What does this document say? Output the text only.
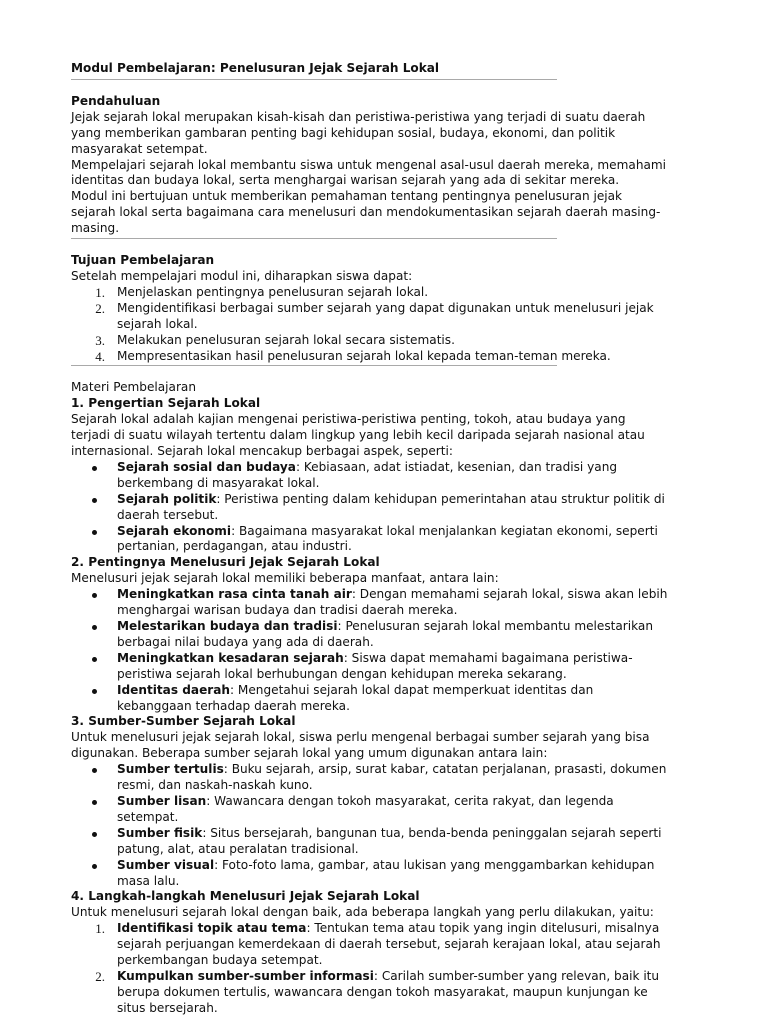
Modul Pembelajaran: Penelusuran Jejak Sejarah Lokal
Pendahuluan

Jejak sejarah lokal merupakan kisah-kisah dan peristiwa-peristiwa yang terjadi di suatu daerah yang memberikan gambaran penting bagi kehidupan sosial, budaya, ekonomi, dan politik masyarakat setempat.

Mempelajari sejarah lokal membantu siswa untuk mengenal asal-usul daerah mereka, memahami identitas dan budaya lokal, serta menghargai warisan sejarah yang ada di sekitar mereka.

Modul ini bertujuan untuk memberikan pemahaman tentang pentingnya penelusuran jejak sejarah lokal serta bagaimana cara menelusuri dan mendokumentasikan sejarah daerah masing-masing.

Tujuan Pembelajaran

Setelah mempelajari modul ini, diharapkan siswa dapat:

1. Menjelaskan pentingnya penelusuran sejarah lokal.
2. Mengidentifikasi berbagai sumber sejarah yang dapat digunakan untuk menelusuri jejak sejarah lokal.
3. Melakukan penelusuran sejarah lokal secara sistematis.
4. Mempresentasikan hasil penelusuran sejarah lokal kepada teman-teman mereka.
Materi Pembelajaran
1. Pengertian Sejarah Lokal

Sejarah lokal adalah kajian mengenai peristiwa-peristiwa penting, tokoh, atau budaya yang terjadi di suatu wilayah tertentu dalam lingkup yang lebih kecil daripada sejarah nasional atau internasional. Sejarah lokal mencakup berbagai aspek, seperti:

Sejarah sosial dan budaya: Kebiasaan, adat istiadat, kesenian, dan tradisi yang berkembang di masyarakat lokal.
Sejarah politik: Peristiwa penting dalam kehidupan pemerintahan atau struktur politik di daerah tersebut.
Sejarah ekonomi: Bagaimana masyarakat lokal menjalankan kegiatan ekonomi, seperti pertanian, perdagangan, atau industri.
2. Pentingnya Menelusuri Jejak Sejarah Lokal

Menelusuri jejak sejarah lokal memiliki beberapa manfaat, antara lain:

Meningkatkan rasa cinta tanah air: Dengan memahami sejarah lokal, siswa akan lebih menghargai warisan budaya dan tradisi daerah mereka.
Melestarikan budaya dan tradisi: Penelusuran sejarah lokal membantu melestarikan berbagai nilai budaya yang ada di daerah.
Meningkatkan kesadaran sejarah: Siswa dapat memahami bagaimana peristiwa-peristiwa sejarah lokal berhubungan dengan kehidupan mereka sekarang.
Identitas daerah: Mengetahui sejarah lokal dapat memperkuat identitas dan kebanggaan terhadap daerah mereka.
3. Sumber-Sumber Sejarah Lokal

Untuk menelusuri jejak sejarah lokal, siswa perlu mengenal berbagai sumber sejarah yang bisa digunakan. Beberapa sumber sejarah lokal yang umum digunakan antara lain:

Sumber tertulis: Buku sejarah, arsip, surat kabar, catatan perjalanan, prasasti, dokumen resmi, dan naskah-naskah kuno.
Sumber lisan: Wawancara dengan tokoh masyarakat, cerita rakyat, dan legenda setempat.
Sumber fisik: Situs bersejarah, bangunan tua, benda-benda peninggalan sejarah seperti patung, alat, atau peralatan tradisional.
Sumber visual: Foto-foto lama, gambar, atau lukisan yang menggambarkan kehidupan masa lalu.
4. Langkah-langkah Menelusuri Jejak Sejarah Lokal

Untuk menelusuri sejarah lokal dengan baik, ada beberapa langkah yang perlu dilakukan, yaitu:

1. Identifikasi topik atau tema: Tentukan tema atau topik yang ingin ditelusuri, misalnya sejarah perjuangan kemerdekaan di daerah tersebut, sejarah kerajaan lokal, atau sejarah perkembangan budaya setempat.
2. Kumpulkan sumber-sumber informasi: Carilah sumber-sumber yang relevan, baik itu berupa dokumen tertulis, wawancara dengan tokoh masyarakat, maupun kunjungan ke situs bersejarah.
